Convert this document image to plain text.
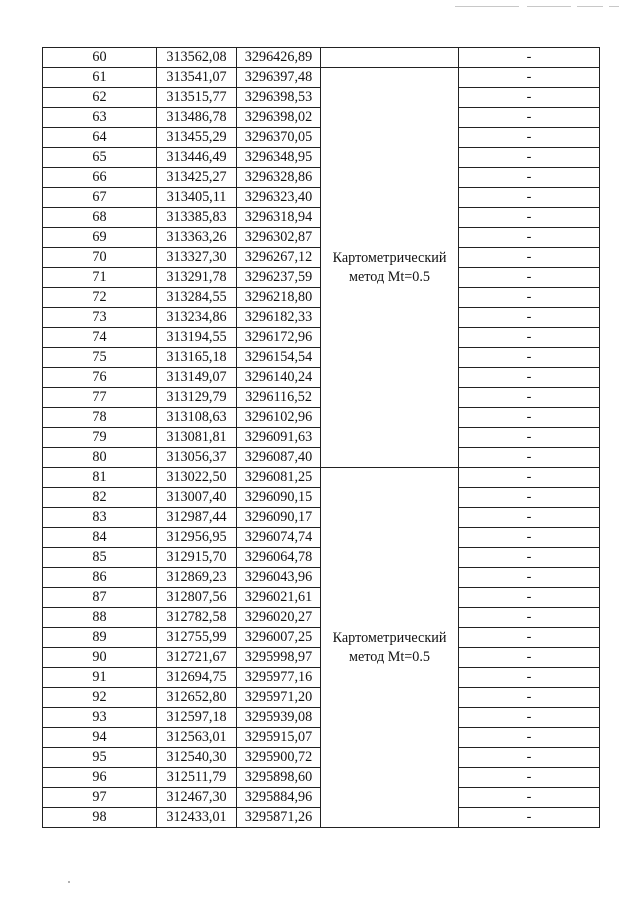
60	313562,08	3296426,89		-
61	313541,07	3296397,48	Картометрический
метод Mt=0.5	-
62	313515,77	3296398,53		-
63	313486,78	3296398,02		-
64	313455,29	3296370,05		-
65	313446,49	3296348,95		-
66	313425,27	3296328,86		-
67	313405,11	3296323,40		-
68	313385,83	3296318,94		-
69	313363,26	3296302,87		-
70	313327,30	3296267,12		-
71	313291,78	3296237,59		-
72	313284,55	3296218,80		-
73	313234,86	3296182,33		-
74	313194,55	3296172,96		-
75	313165,18	3296154,54		-
76	313149,07	3296140,24		-
77	313129,79	3296116,52		-
78	313108,63	3296102,96		-
79	313081,81	3296091,63		-
80	313056,37	3296087,40		-
81	313022,50	3296081,25	Картометрический
метод Mt=0.5	-
82	313007,40	3296090,15		-
83	312987,44	3296090,17		-
84	312956,95	3296074,74		-
85	312915,70	3296064,78		-
86	312869,23	3296043,96		-
87	312807,56	3296021,61		-
88	312782,58	3296020,27		-
89	312755,99	3296007,25		-
90	312721,67	3295998,97		-
91	312694,75	3295977,16		-
92	312652,80	3295971,20		-
93	312597,18	3295939,08		-
94	312563,01	3295915,07		-
95	312540,30	3295900,72		-
96	312511,79	3295898,60		-
97	312467,30	3295884,96		-
98	312433,01	3295871,26		-
